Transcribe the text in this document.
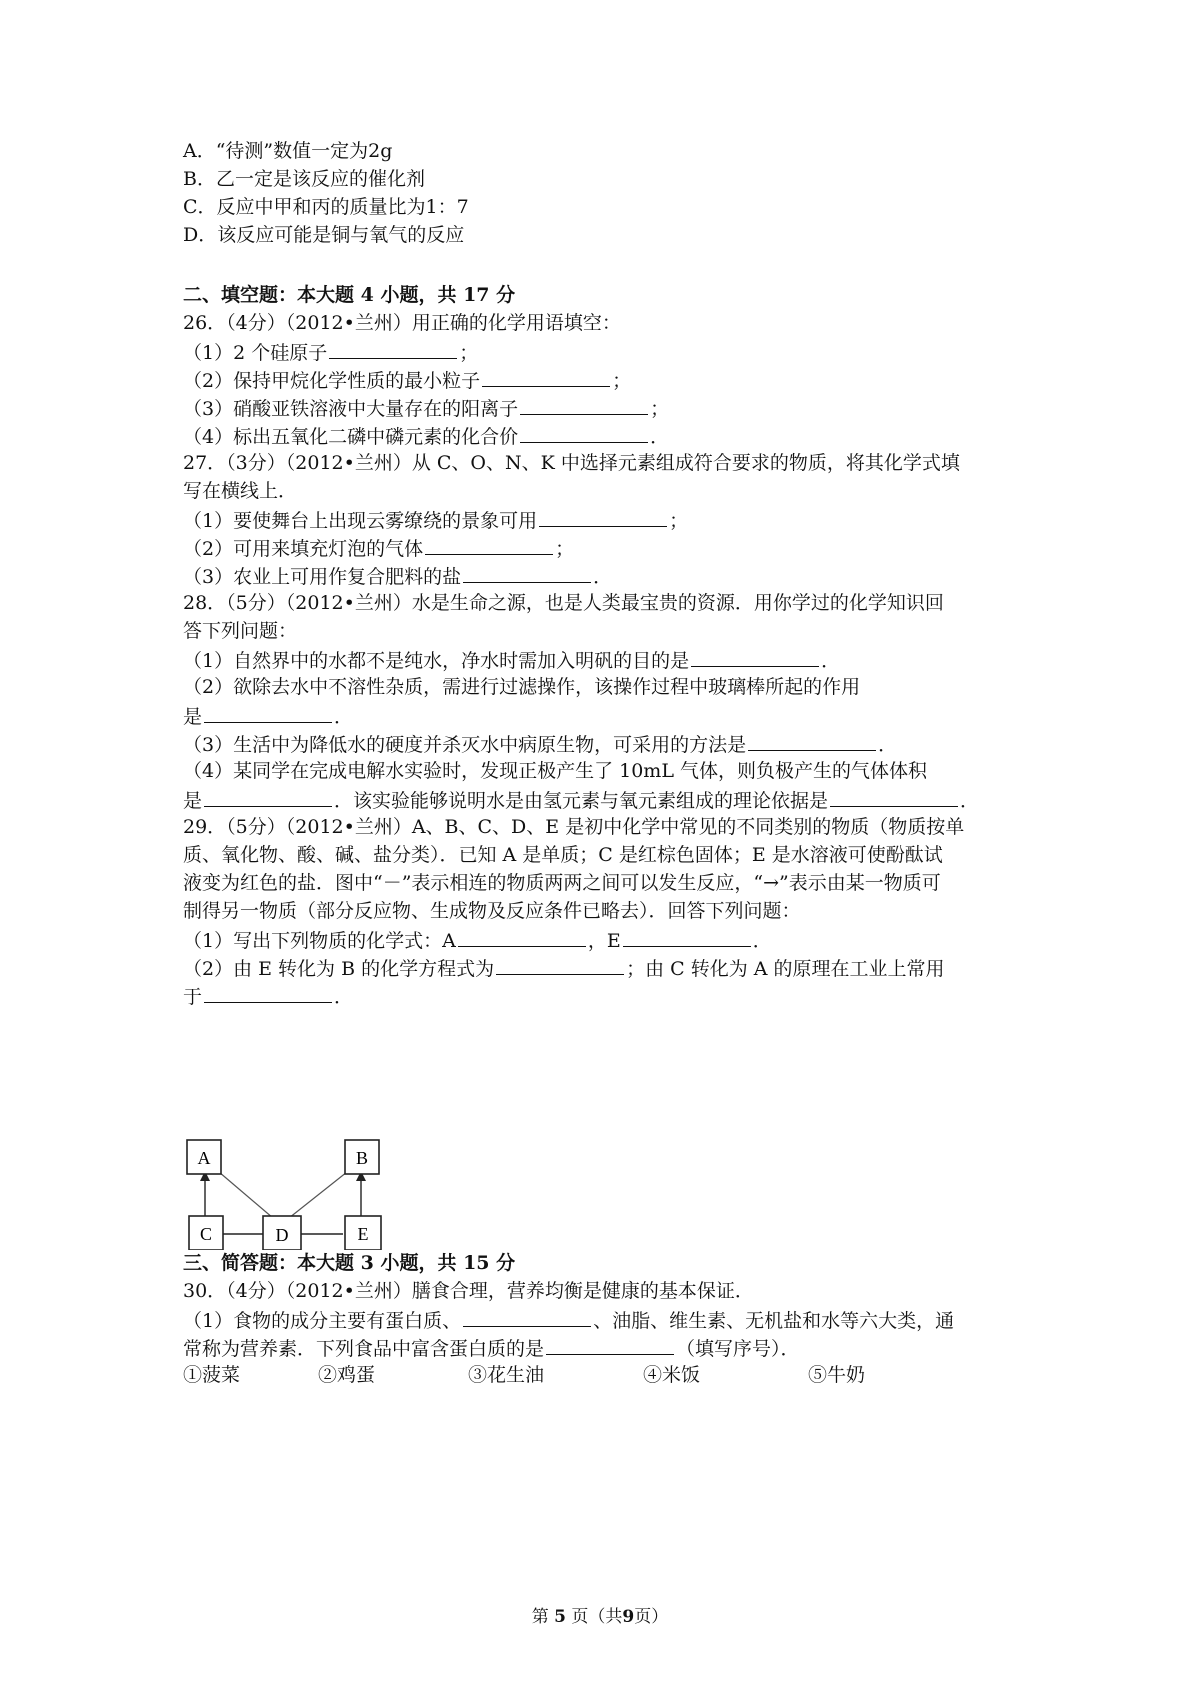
A．“待测”数值一定为2g
B．乙一定是该反应的催化剂
C．反应中甲和丙的质量比为1：7
D．该反应可能是铜与氧气的反应
二、填空题：本大题 4 小题，共 17 分
26．（4分）（2012•兰州）用正确的化学用语填空：
（1）2 个硅原子	；
（2）保持甲烷化学性质的最小粒子	；
（3）硝酸亚铁溶液中大量存在的阳离子	；
（4）标出五氧化二磷中磷元素的化合价	．
27．（3分）（2012•兰州）从 C、O、N、K 中选择元素组成符合要求的物质，将其化学式填
写在横线上．
（1）要使舞台上出现云雾缭绕的景象可用	；
（2）可用来填充灯泡的气体	；
（3）农业上可用作复合肥料的盐	．
28．（5分）（2012•兰州）水是生命之源，也是人类最宝贵的资源．用你学过的化学知识回
答下列问题：
（1）自然界中的水都不是纯水，净水时需加入明矾的目的是	．
（2）欲除去水中不溶性杂质，需进行过滤操作，该操作过程中玻璃棒所起的作用
是	．
（3）生活中为降低水的硬度并杀灭水中病原生物，可采用的方法是	．
（4）某同学在完成电解水实验时，发现正极产生了 10mL 气体，则负极产生的气体体积
是	．该实验能够说明水是由氢元素与氧元素组成的理论依据是	．
29．（5分）（2012•兰州）A、B、C、D、E 是初中化学中常见的不同类别的物质（物质按单
质、氧化物、酸、碱、盐分类）．已知 A 是单质；C 是红棕色固体；E 是水溶液可使酚酞试
液变为红色的盐．图中“－”表示相连的物质两两之间可以发生反应，“→”表示由某一物质可
制得另一物质（部分反应物、生成物及反应条件已略去）．回答下列问题：
（1）写出下列物质的化学式：A	，E	．
（2）由 E 转化为 B 的化学方程式为	；由 C 转化为 A 的原理在工业上常用
于	．
三、简答题：本大题 3 小题，共 15 分
30．（4分）（2012•兰州）膳食合理，营养均衡是健康的基本保证．
（1）食物的成分主要有蛋白质、	、油脂、维生素、无机盐和水等六大类，通
常称为营养素．下列食品中富含蛋白质的是	（填写序号）．
①菠菜	②鸡蛋	③花生油	④米饭	⑤牛奶
A	B
C	D	E
第 5 页（共9页）
